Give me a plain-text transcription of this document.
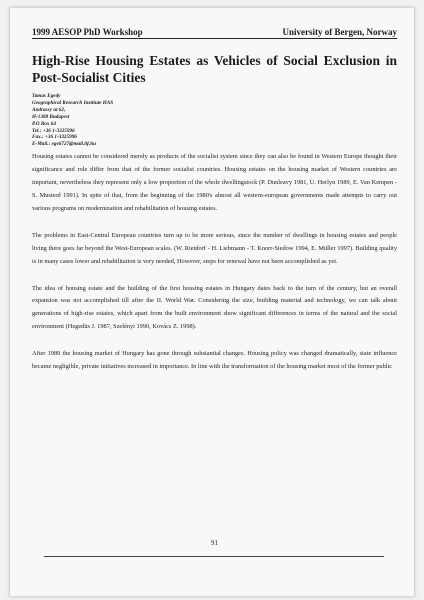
1999 AESOP PhD Workshop	University of Bergen, Norway
High-Rise Housing Estates as Vehicles of Social Exclusion in Post-Socialist Cities
Tamas Egedy
Geographical Research Institute HAS
Andrassy ut 62,
H-1388 Budapest
P.O Box 64
Tel.: +36 1-3325996
Fax.: +36 1-3325996
E-Mail.: ege6727@mail.iif.hu

Housing estates cannot be considered merely as products of the socialist system since they can also be found in Western Europe thought their significance and role differ from that of the former socialist countries. Housing estates on the housing market of Western countries are important, nevertheless they represent only a low proportion of the whole dwellingstock (P. Dunleavy 1981, U. Herlyn 1989, E. Van Kempen - S. Musterd 1991). In spite of that, from the beginning of the 1980's almost all western-european governments made attempts to carry out various programs on modernization and rehabilitation of housing estates.

The problems in East-Central European countries turn up to be more serious, since the number of dwellings in housing estates and people living there goes far beyond the West-European scales. (W. Rietdorf - H. Liebmann - T. Knorr-Siedow 1994, E. Müller 1997). Building quality is in many cases lower and rehabilitation is very needed, However, steps for renewal have not been accomplished as yet.

The idea of housing estate and the building of the first housing estates in Hungary dates back to the turn of the century, but an overall expansion was not accomplished till after the II. World War. Considering the size, building material and technology, we can talk about generations of high-rise estates, which apart from the built environment show significant differences in terms of the natural and the social environment (Hegedüs J. 1987, Szelényi 1990, Kovács Z. 1998).

After 1989 the housing market of Hungary has gone through substantial changes. Housing policy was changed dramatically, state influence became negligible, private initiatives increased in importance. In line with the transformation of the housing market most of the former public

91
